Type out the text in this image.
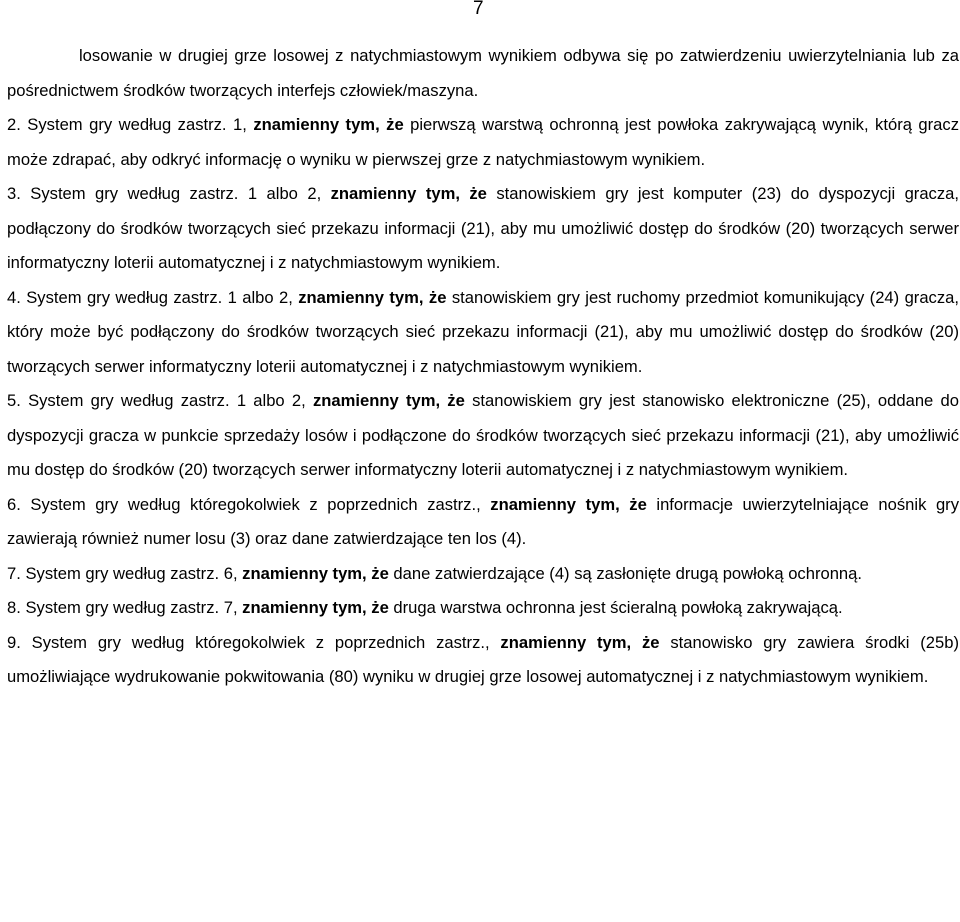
7

losowanie w drugiej grze losowej z natychmiastowym wynikiem odbywa się po zatwierdzeniu uwierzytelniania lub za pośrednictwem środków tworzących interfejs człowiek/maszyna.

2. System gry według zastrz. 1, znamienny tym, że pierwszą warstwą ochronną jest powłoka zakrywającą wynik, którą gracz może zdrapać, aby odkryć informację o wyniku w pierwszej grze z natychmiastowym wynikiem.

3. System gry według zastrz. 1 albo 2, znamienny tym, że stanowiskiem gry jest komputer (23) do dyspozycji gracza, podłączony do środków tworzących sieć przekazu informacji (21), aby mu umożliwić dostęp do środków (20) tworzących serwer informatyczny loterii automatycznej i z natychmiastowym wynikiem.

4. System gry według zastrz. 1 albo 2, znamienny tym, że stanowiskiem gry jest ruchomy przedmiot komunikujący (24) gracza, który może być podłączony do środków tworzących sieć przekazu informacji (21), aby mu umożliwić dostęp do środków (20) tworzących serwer informatyczny loterii automatycznej i z natychmiastowym wynikiem.

5. System gry według zastrz. 1 albo 2, znamienny tym, że stanowiskiem gry jest stanowisko elektroniczne (25), oddane do dyspozycji gracza w punkcie sprzedaży losów i podłączone do środków tworzących sieć przekazu informacji (21), aby umożliwić mu dostęp do środków (20) tworzących serwer informatyczny loterii automatycznej i z natychmiastowym wynikiem.

6. System gry według któregokolwiek z poprzednich zastrz., znamienny tym, że informacje uwierzytelniające nośnik gry zawierają również numer losu (3) oraz dane zatwierdzające ten los (4).

7. System gry według zastrz. 6, znamienny tym, że dane zatwierdzające (4) są zasłonięte drugą powłoką ochronną.

8. System gry według zastrz. 7, znamienny tym, że druga warstwa ochronna jest ścieralną powłoką zakrywającą.

9. System gry według któregokolwiek z poprzednich zastrz., znamienny tym, że stanowisko gry zawiera środki (25b) umożliwiające wydrukowanie pokwitowania (80) wyniku w drugiej grze losowej automatycznej i z natychmiastowym wynikiem.
